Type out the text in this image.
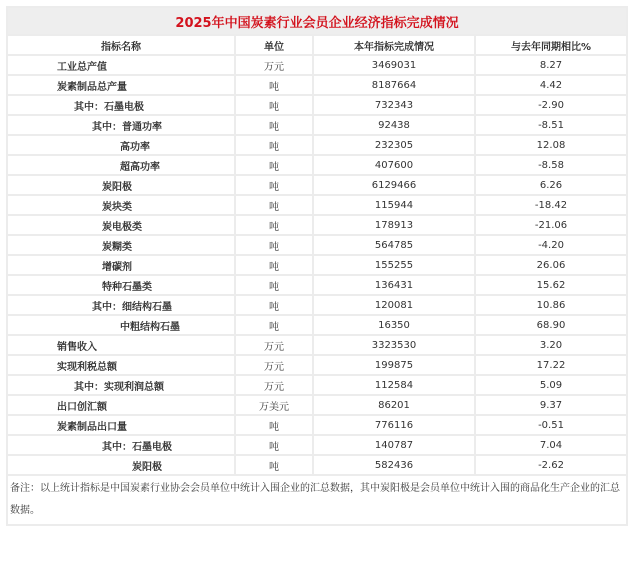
2025年中国炭素行业会员企业经济指标完成情况			
指标名称	单位	本年指标完成情况	与去年同期相比%
工业总产值	万元	3469031	8.27
炭素制品总产量	吨	8187664	4.42
其中：石墨电极	吨	732343	-2.90
其中：普通功率	吨	92438	-8.51
高功率	吨	232305	12.08
超高功率	吨	407600	-8.58
炭阳极	吨	6129466	6.26
炭块类	吨	115944	-18.42
炭电极类	吨	178913	-21.06
炭糊类	吨	564785	-4.20
增碳剂	吨	155255	26.06
特种石墨类	吨	136431	15.62
其中：细结构石墨	吨	120081	10.86
中粗结构石墨	吨	16350	68.90
销售收入	万元	3323530	3.20
实现利税总额	万元	199875	17.22
其中：实现利润总额	万元	112584	5.09
出口创汇额	万美元	86201	9.37
炭素制品出口量	吨	776116	-0.51
其中：石墨电极	吨	140787	7.04
炭阳极	吨	582436	-2.62
备注：以上统计指标是中国炭素行业协会会员单位中统计入围企业的汇总数据，其中炭阳极是会员单位中统计入围的商品化生产企业的汇总数据。			
